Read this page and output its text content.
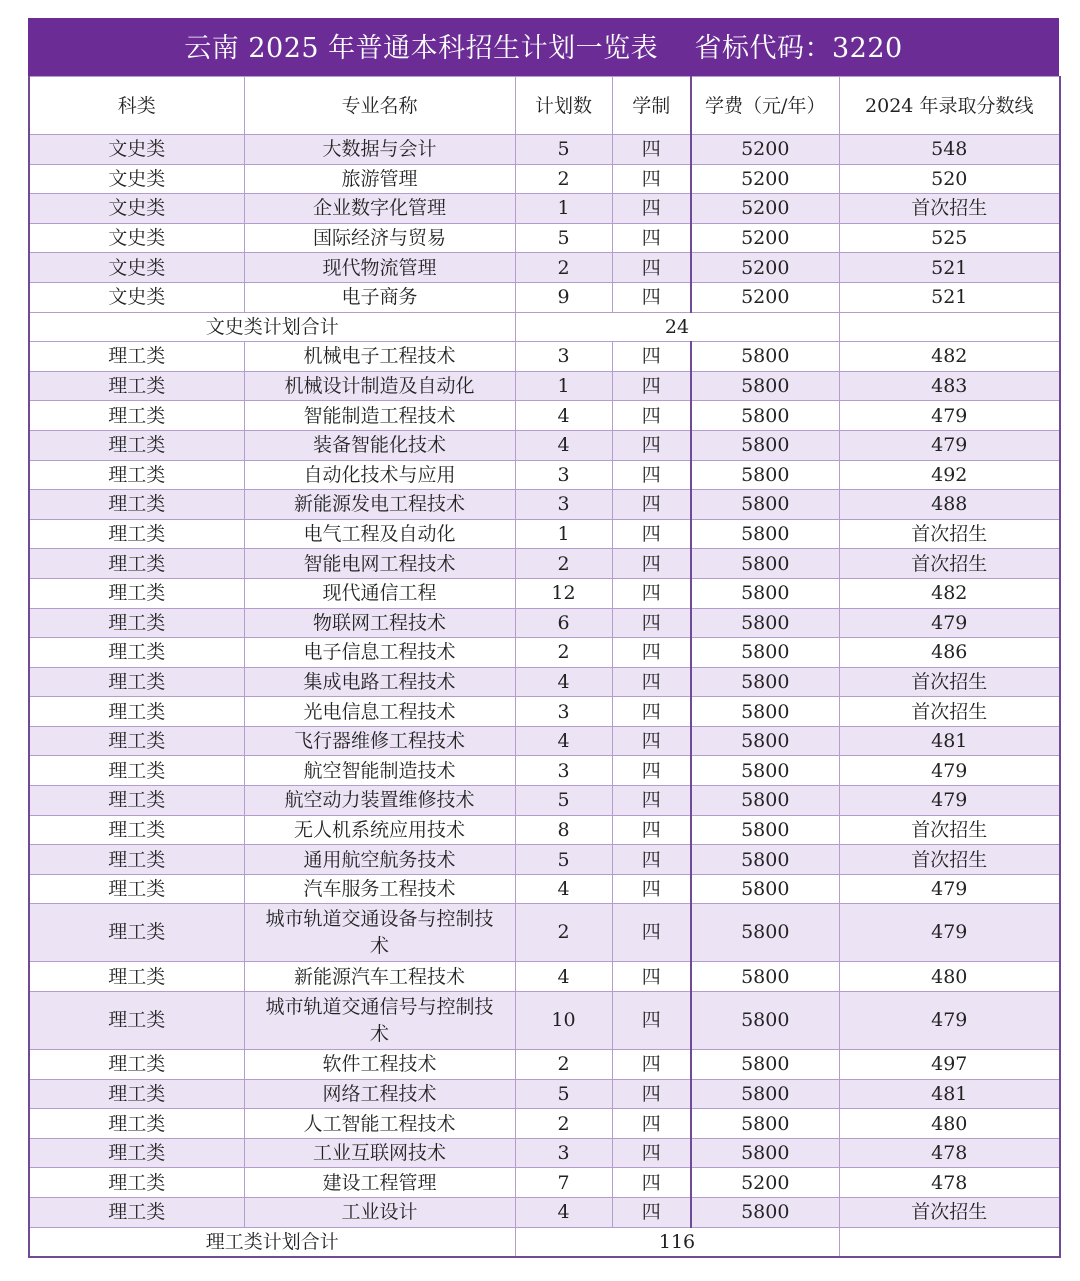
云南 2025 年普通本科招生计划一览表    省标代码：3220
科类	专业名称	计划数	学制	学费（元/年）	2024 年录取分数线
文史类	大数据与会计	5	四	5200	548
文史类	旅游管理	2	四	5200	520
文史类	企业数字化管理	1	四	5200	首次招生
文史类	国际经济与贸易	5	四	5200	525
文史类	现代物流管理	2	四	5200	521
文史类	电子商务	9	四	5200	521
文史类计划合计		24			
理工类	机械电子工程技术	3	四	5800	482
理工类	机械设计制造及自动化	1	四	5800	483
理工类	智能制造工程技术	4	四	5800	479
理工类	装备智能化技术	4	四	5800	479
理工类	自动化技术与应用	3	四	5800	492
理工类	新能源发电工程技术	3	四	5800	488
理工类	电气工程及自动化	1	四	5800	首次招生
理工类	智能电网工程技术	2	四	5800	首次招生
理工类	现代通信工程	12	四	5800	482
理工类	物联网工程技术	6	四	5800	479
理工类	电子信息工程技术	2	四	5800	486
理工类	集成电路工程技术	4	四	5800	首次招生
理工类	光电信息工程技术	3	四	5800	首次招生
理工类	飞行器维修工程技术	4	四	5800	481
理工类	航空智能制造技术	3	四	5800	479
理工类	航空动力装置维修技术	5	四	5800	479
理工类	无人机系统应用技术	8	四	5800	首次招生
理工类	通用航空航务技术	5	四	5800	首次招生
理工类	汽车服务工程技术	4	四	5800	479
理工类	城市轨道交通设备与控制技术	2	四	5800	479
理工类	新能源汽车工程技术	4	四	5800	480
理工类	城市轨道交通信号与控制技术	10	四	5800	479
理工类	软件工程技术	2	四	5800	497
理工类	网络工程技术	5	四	5800	481
理工类	人工智能工程技术	2	四	5800	480
理工类	工业互联网技术	3	四	5800	478
理工类	建设工程管理	7	四	5200	478
理工类	工业设计	4	四	5800	首次招生
理工类计划合计		116			
